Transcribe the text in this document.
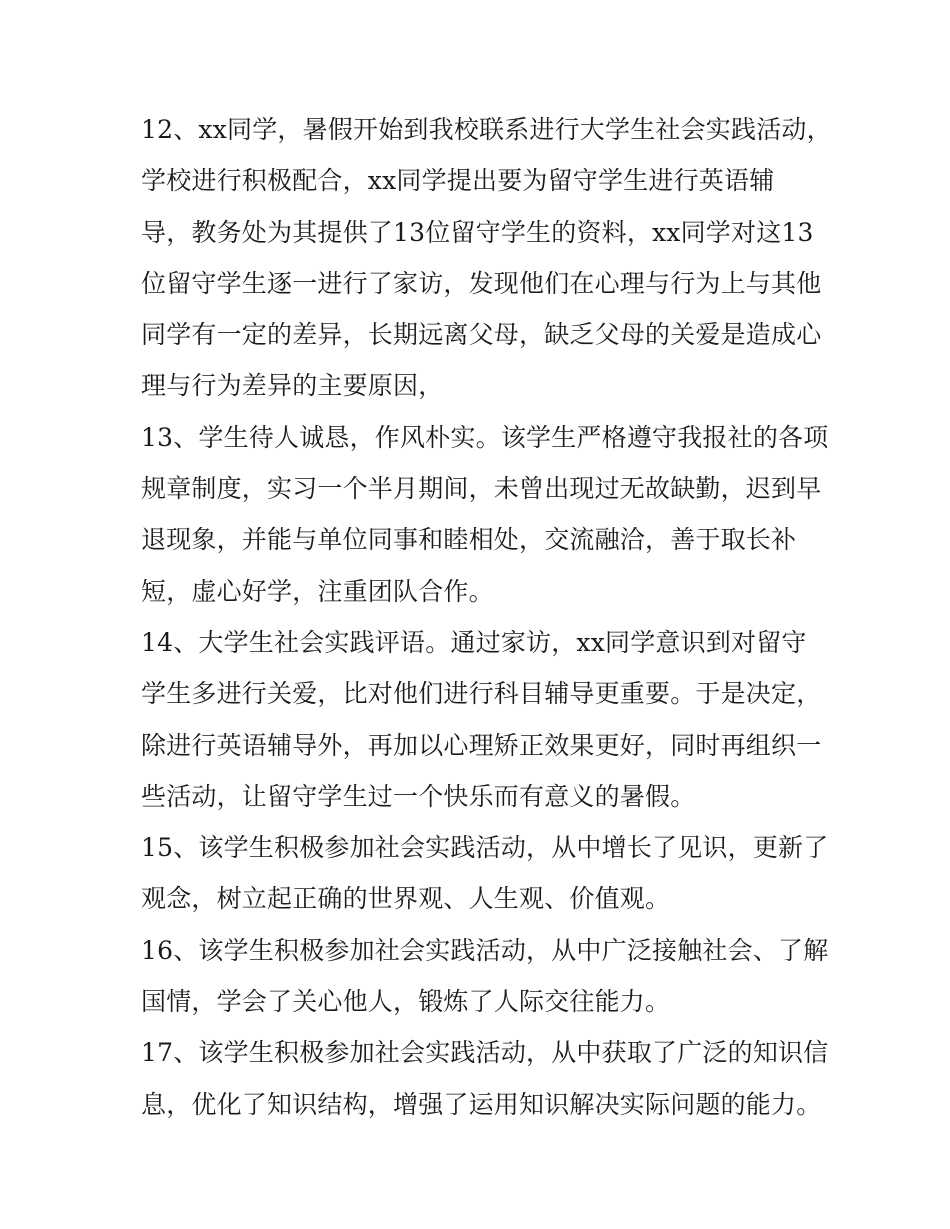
12、xx同学，暑假开始到我校联系进行大学生社会实践活动，
学校进行积极配合，xx同学提出要为留守学生进行英语辅
导，教务处为其提供了13位留守学生的资料，xx同学对这13
位留守学生逐一进行了家访，发现他们在心理与行为上与其他
同学有一定的差异，长期远离父母，缺乏父母的关爱是造成心
理与行为差异的主要原因，
13、学生待人诚恳，作风朴实。该学生严格遵守我报社的各项
规章制度，实习一个半月期间，未曾出现过无故缺勤，迟到早
退现象，并能与单位同事和睦相处，交流融洽，善于取长补
短，虚心好学，注重团队合作。
14、大学生社会实践评语。通过家访，xx同学意识到对留守
学生多进行关爱，比对他们进行科目辅导更重要。于是决定，
除进行英语辅导外，再加以心理矫正效果更好，同时再组织一
些活动，让留守学生过一个快乐而有意义的暑假。
15、该学生积极参加社会实践活动，从中增长了见识，更新了
观念，树立起正确的世界观、人生观、价值观。
16、该学生积极参加社会实践活动，从中广泛接触社会、了解
国情，学会了关心他人，锻炼了人际交往能力。
17、该学生积极参加社会实践活动，从中获取了广泛的知识信
息，优化了知识结构，增强了运用知识解决实际问题的能力。
